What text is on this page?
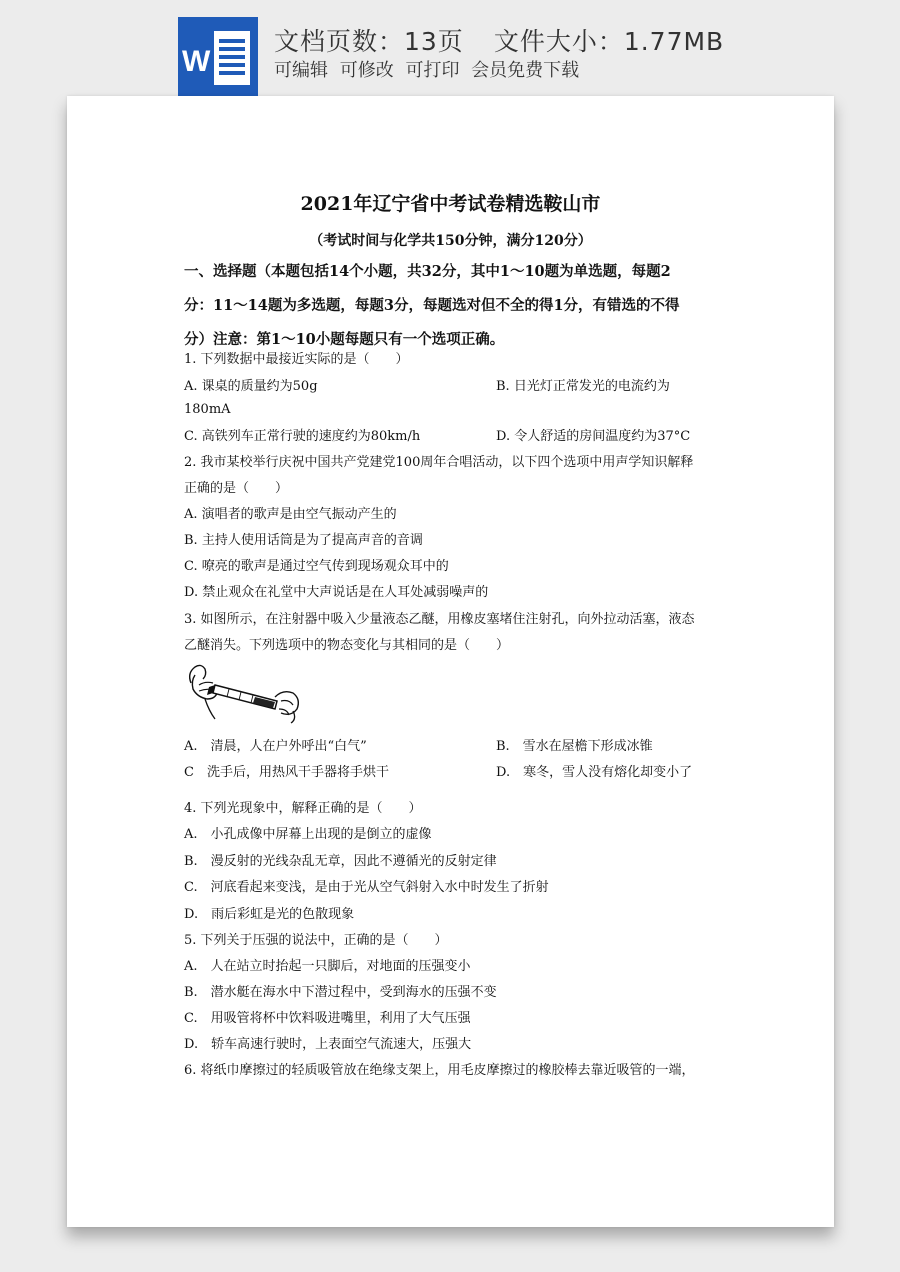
W
文档页数：13页 文件大小：1.77MB
可编辑 可修改 可打印 会员免费下载
2021年辽宁省中考试卷精选鞍山市
（考试时间与化学共150分钟，满分120分）
一、选择题（本题包括14个小题，共32分，其中1～10题为单选题，每题2
分：11～14题为多选题，每题3分，每题选对但不全的得1分，有错选的不得
分）注意：第1～10小题每题只有一个选项正确。
1. 下列数据中最接近实际的是（　　）
A. 课桌的质量约为50g	B. 日光灯正常发光的电流约为
180mA
C. 高铁列车正常行驶的速度约为80km/h	D. 令人舒适的房间温度约为37°C
2. 我市某校举行庆祝中国共产党建党100周年合唱活动，以下四个选项中用声学知识解释
正确的是（　　）
A. 演唱者的歌声是由空气振动产生的
B. 主持人使用话筒是为了提高声音的音调
C. 嘹亮的歌声是通过空气传到现场观众耳中的
D. 禁止观众在礼堂中大声说话是在人耳处减弱噪声的
3. 如图所示，在注射器中吸入少量液态乙醚，用橡皮塞堵住注射孔，向外拉动活塞，液态
乙醚消失。下列选项中的物态变化与其相同的是（　　）
A.　清晨，人在户外呼出“白气”	B.　雪水在屋檐下形成冰锥
C　洗手后，用热风干手器将手烘干	D.　寒冬，雪人没有熔化却变小了
4. 下列光现象中，解释正确的是（　　）
A.　小孔成像中屏幕上出现的是倒立的虚像
B.　漫反射的光线杂乱无章，因此不遵循光的反射定律
C.　河底看起来变浅，是由于光从空气斜射入水中时发生了折射
D.　雨后彩虹是光的色散现象
5. 下列关于压强的说法中，正确的是（　　）
A.　人在站立时抬起一只脚后，对地面的压强变小
B.　潜水艇在海水中下潜过程中，受到海水的压强不变
C.　用吸管将杯中饮料吸进嘴里，利用了大气压强
D.　轿车高速行驶时，上表面空气流速大，压强大
6. 将纸巾摩擦过的轻质吸管放在绝缘支架上，用毛皮摩擦过的橡胶棒去靠近吸管的一端，
